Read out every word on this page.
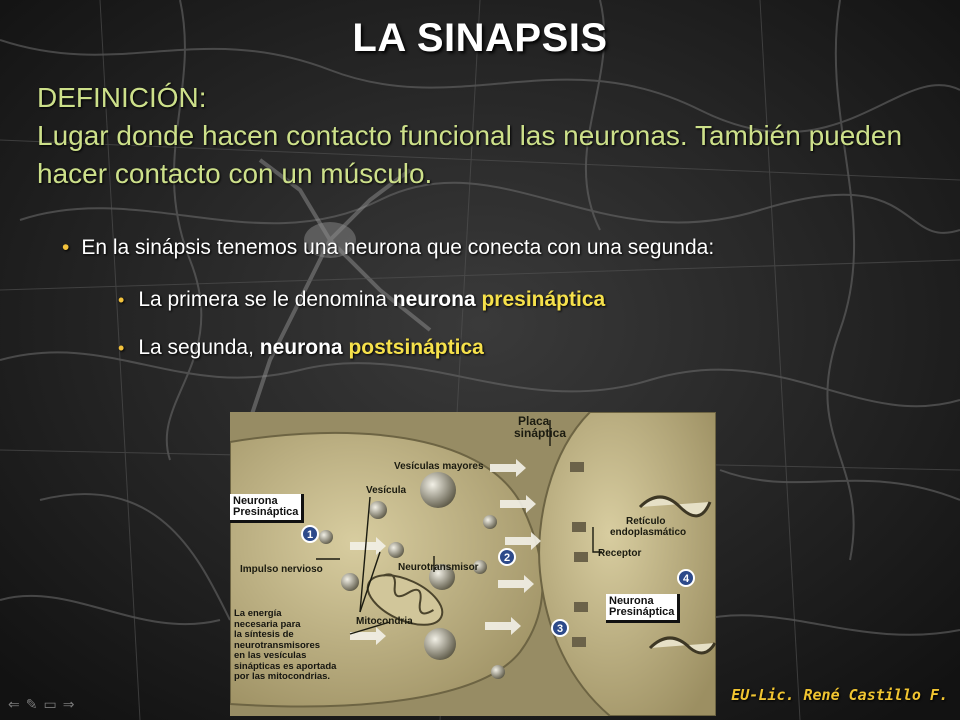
LA SINAPSIS
DEFINICIÓN:
Lugar donde hacen contacto funcional las neuronas. También pueden hacer contacto con un músculo.
• En la sinápsis tenemos una neurona que conecta con una segunda:
• La primera se le denomina neurona presináptica
• La segunda, neurona postsináptica
1
2
3
4
Placa
sináptica
Vesículas mayores
Vesícula
Neurona
Presináptica
Retículo
endoplasmático
Impulso nervioso	Neurotransmisor
Receptor
Neurona
Presináptica
Mitocondria
La energía
necesaria para
la síntesis de
neurotransmisores
en las vesículas
sinápticas es aportada
por las mitocondrias.
⇐✎▭⇒	EU-Lic. René Castillo F.
